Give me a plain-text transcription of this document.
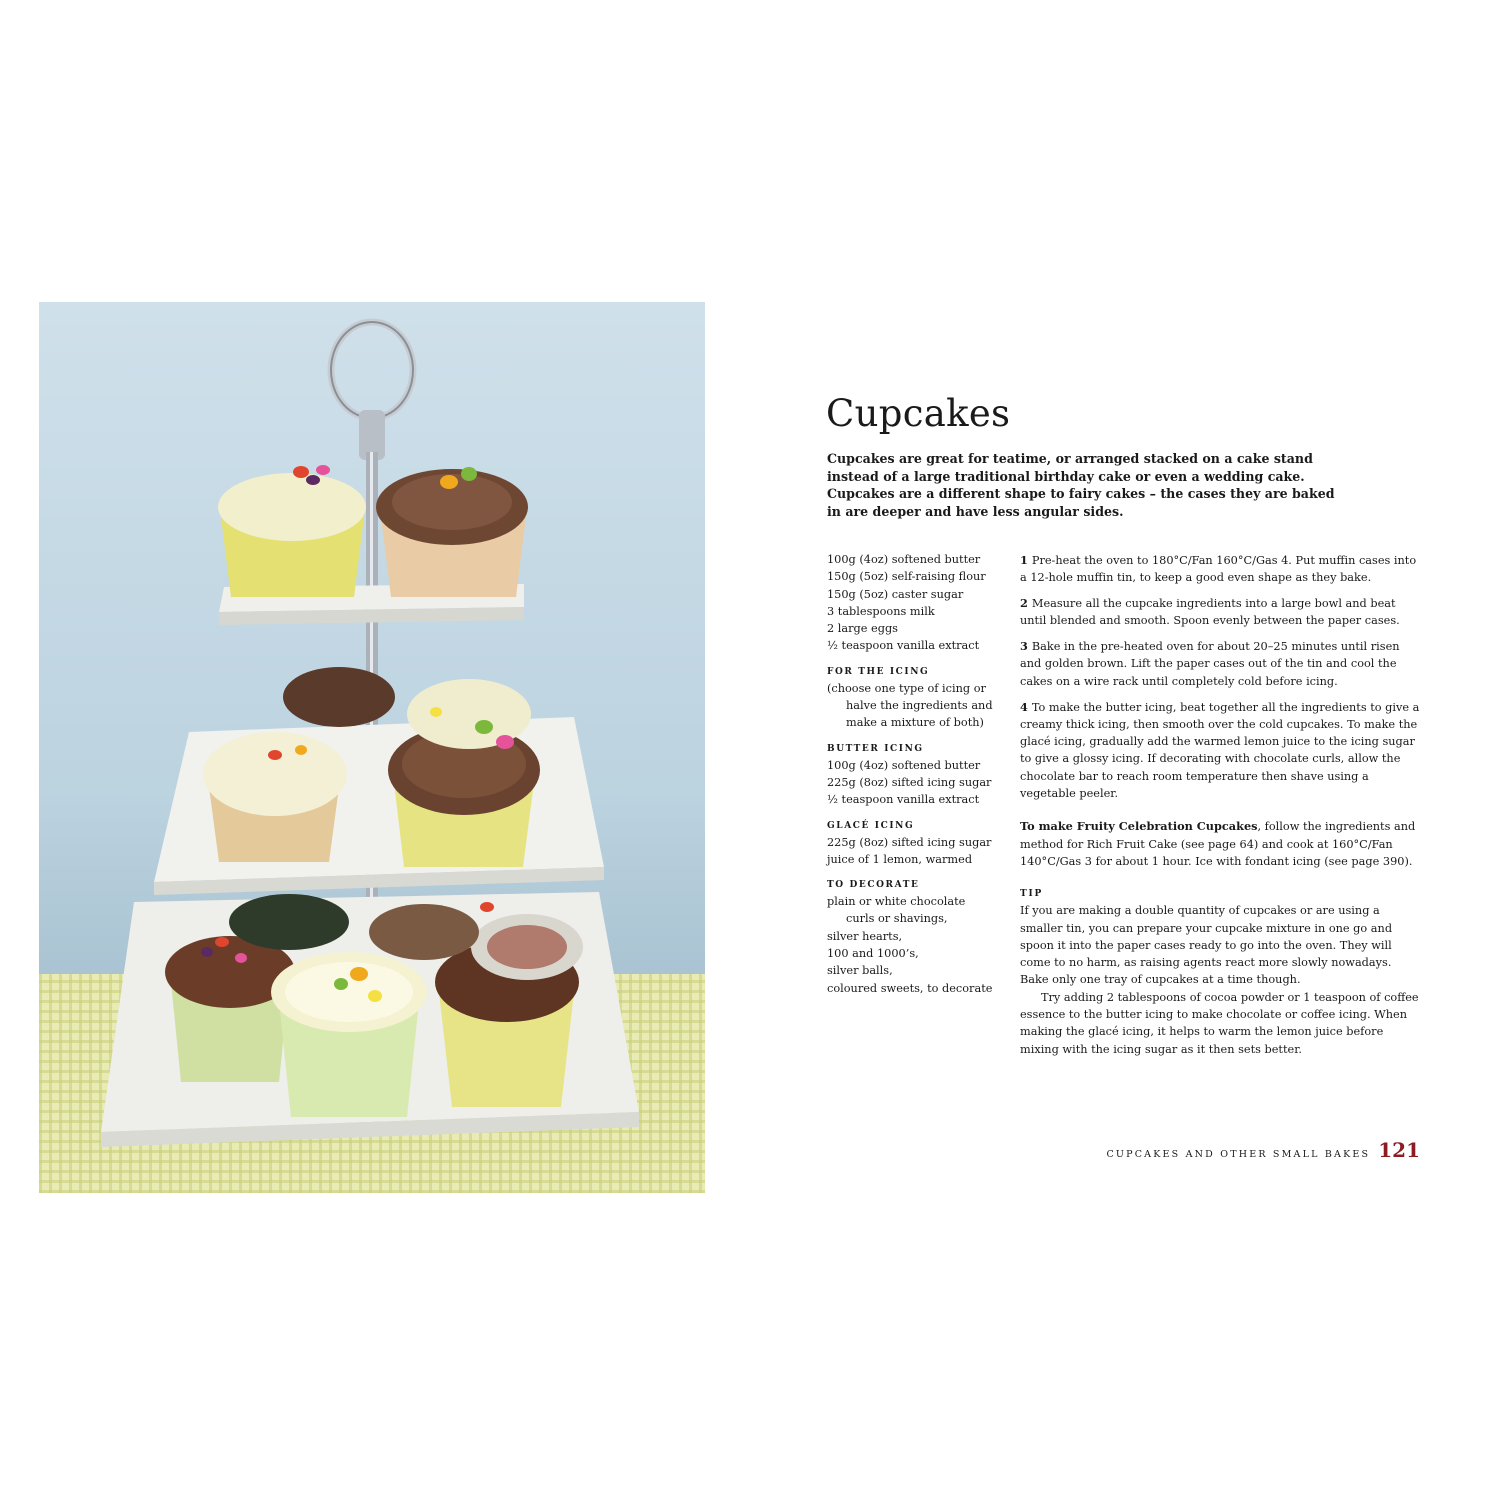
Cupcakes

Cupcakes are great for teatime, or arranged stacked on a cake stand instead of a large traditional birthday cake or even a wedding cake. Cupcakes are a different shape to fairy cakes – the cases they are baked in are deeper and have less angular sides.

100g (4oz) softened butter
150g (5oz) self-raising flour
150g (5oz) caster sugar
3 tablespoons milk
2 large eggs
½ teaspoon vanilla extract
FOR THE ICING
(choose one type of icing or
halve the ingredients and
make a mixture of both)
BUTTER ICING
100g (4oz) softened butter
225g (8oz) sifted icing sugar
½ teaspoon vanilla extract
GLACÉ ICING
225g (8oz) sifted icing sugar
juice of 1 lemon, warmed
TO DECORATE
plain or white chocolate
curls or shavings,
silver hearts,
100 and 1000’s,
silver balls,
coloured sweets, to decorate

1 Pre-heat the oven to 180°C/Fan 160°C/Gas 4. Put muffin cases into a 12-hole muffin tin, to keep a good even shape as they bake.

2 Measure all the cupcake ingredients into a large bowl and beat until blended and smooth. Spoon evenly between the paper cases.

3 Bake in the pre-heated oven for about 20–25 minutes until risen and golden brown. Lift the paper cases out of the tin and cool the cakes on a wire rack until completely cold before icing.

4 To make the butter icing, beat together all the ingredients to give a creamy thick icing, then smooth over the cold cupcakes. To make the glacé icing, gradually add the warmed lemon juice to the icing sugar to give a glossy icing. If decorating with chocolate curls, allow the chocolate bar to reach room temperature then shave using a vegetable peeler.

To make Fruity Celebration Cupcakes, follow the ingredients and method for Rich Fruit Cake (see page 64) and cook at 160°C/Fan 140°C/Gas 3 for about 1 hour. Ice with fondant icing (see page 390).

TIP

If you are making a double quantity of cupcakes or are using a smaller tin, you can prepare your cupcake mixture in one go and spoon it into the paper cases ready to go into the oven. They will come to no harm, as raising agents react more slowly nowadays. Bake only one tray of cupcakes at a time though.

Try adding 2 tablespoons of cocoa powder or 1 teaspoon of coffee essence to the butter icing to make chocolate or coffee icing. When making the glacé icing, it helps to warm the lemon juice before mixing with the icing sugar as it then sets better.

CUPCAKES AND OTHER SMALL BAKES 121
